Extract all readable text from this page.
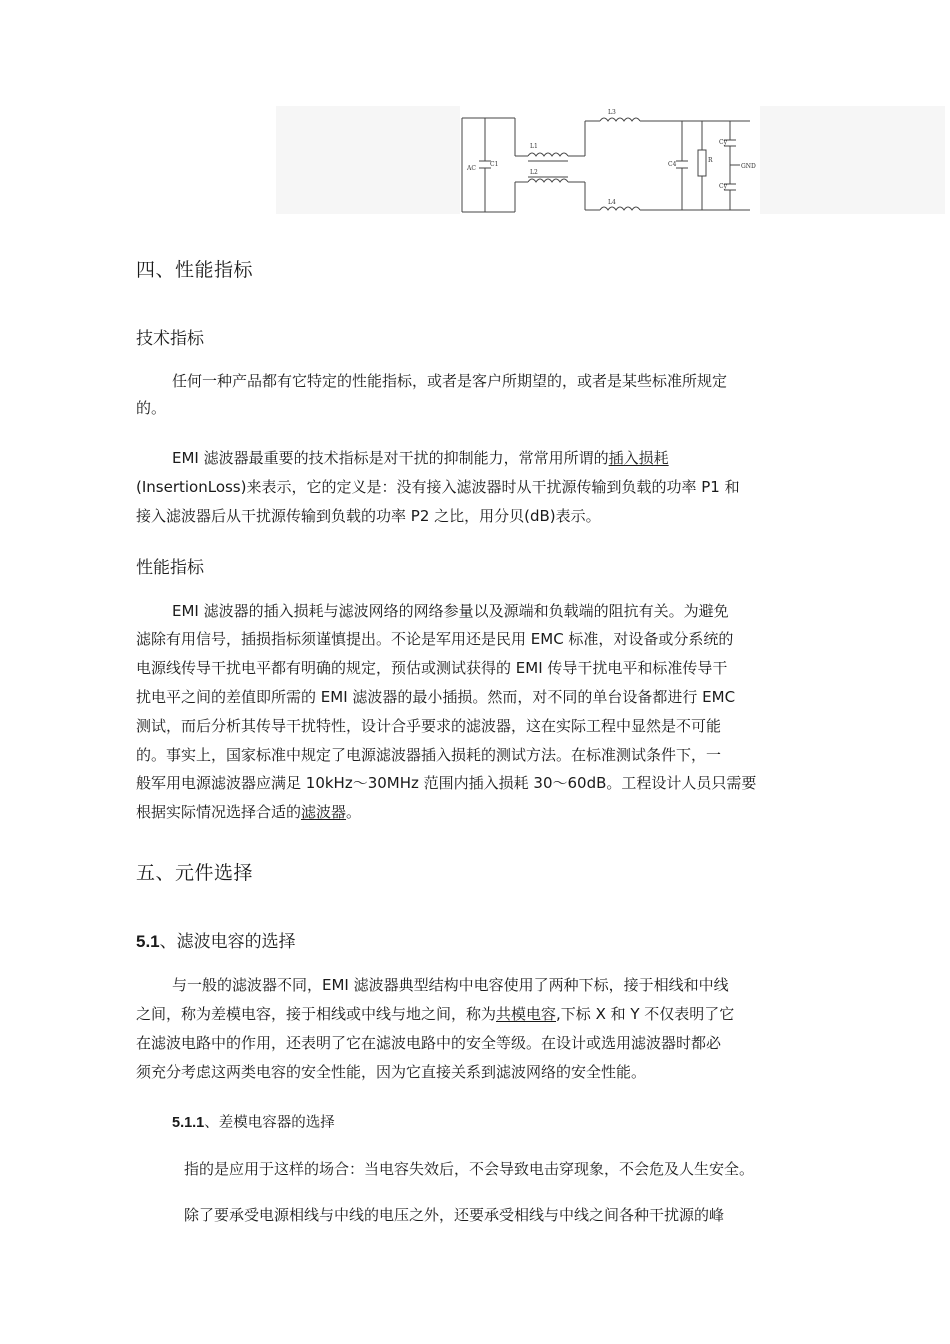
AC
C1
L1
L2
L3
L4
C4
R
Cy
Cy
GND
四、性能指标
技术指标
任何一种产品都有它特定的性能指标，或者是客户所期望的，或者是某些标准所规定
的。
EMI 滤波器最重要的技术指标是对干扰的抑制能力，常常用所谓的插入损耗
(InsertionLoss)来表示，它的定义是：没有接入滤波器时从干扰源传输到负载的功率 P1 和
接入滤波器后从干扰源传输到负载的功率 P2 之比，用分贝(dB)表示。
性能指标
EMI 滤波器的插入损耗与滤波网络的网络参量以及源端和负载端的阻抗有关。为避免
滤除有用信号，插损指标须谨慎提出。不论是军用还是民用 EMC 标准，对设备或分系统的
电源线传导干扰电平都有明确的规定，预估或测试获得的 EMI 传导干扰电平和标准传导干
扰电平之间的差值即所需的 EMI 滤波器的最小插损。然而，对不同的单台设备都进行 EMC
测试，而后分析其传导干扰特性，设计合乎要求的滤波器，这在实际工程中显然是不可能
的。事实上，国家标准中规定了电源滤波器插入损耗的测试方法。在标准测试条件下，一
般军用电源滤波器应满足 10kHz～30MHz 范围内插入损耗 30～60dB。工程设计人员只需要
根据实际情况选择合适的滤波器。
五、元件选择
5.1、滤波电容的选择
与一般的滤波器不同，EMI 滤波器典型结构中电容使用了两种下标，接于相线和中线
之间，称为差模电容，接于相线或中线与地之间，称为共模电容,下标 X 和 Y 不仅表明了它
在滤波电路中的作用，还表明了它在滤波电路中的安全等级。在设计或选用滤波器时都必
须充分考虑这两类电容的安全性能，因为它直接关系到滤波网络的安全性能。
5.1.1、差模电容器的选择
指的是应用于这样的场合：当电容失效后，不会导致电击穿现象，不会危及人生安全。
除了要承受电源相线与中线的电压之外，还要承受相线与中线之间各种干扰源的峰
